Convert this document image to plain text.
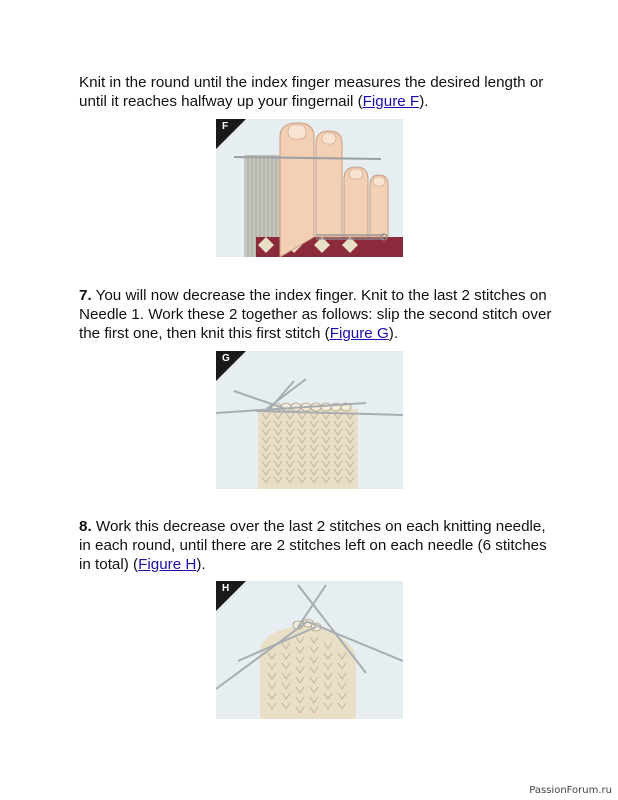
Knit in the round until the index finger measures the desired length or until it reaches halfway up your fingernail (Figure F).

F

7. You will now decrease the index finger. Knit to the last 2 stitches on Needle 1. Work these 2 together as follows: slip the second stitch over the first one, then knit this first stitch (Figure G).

G

8. Work this decrease over the last 2 stitches on each knitting needle, in each round, until there are 2 stitches left on each needle (6 stitches in total) (Figure H).

H
PassionForum.ru
